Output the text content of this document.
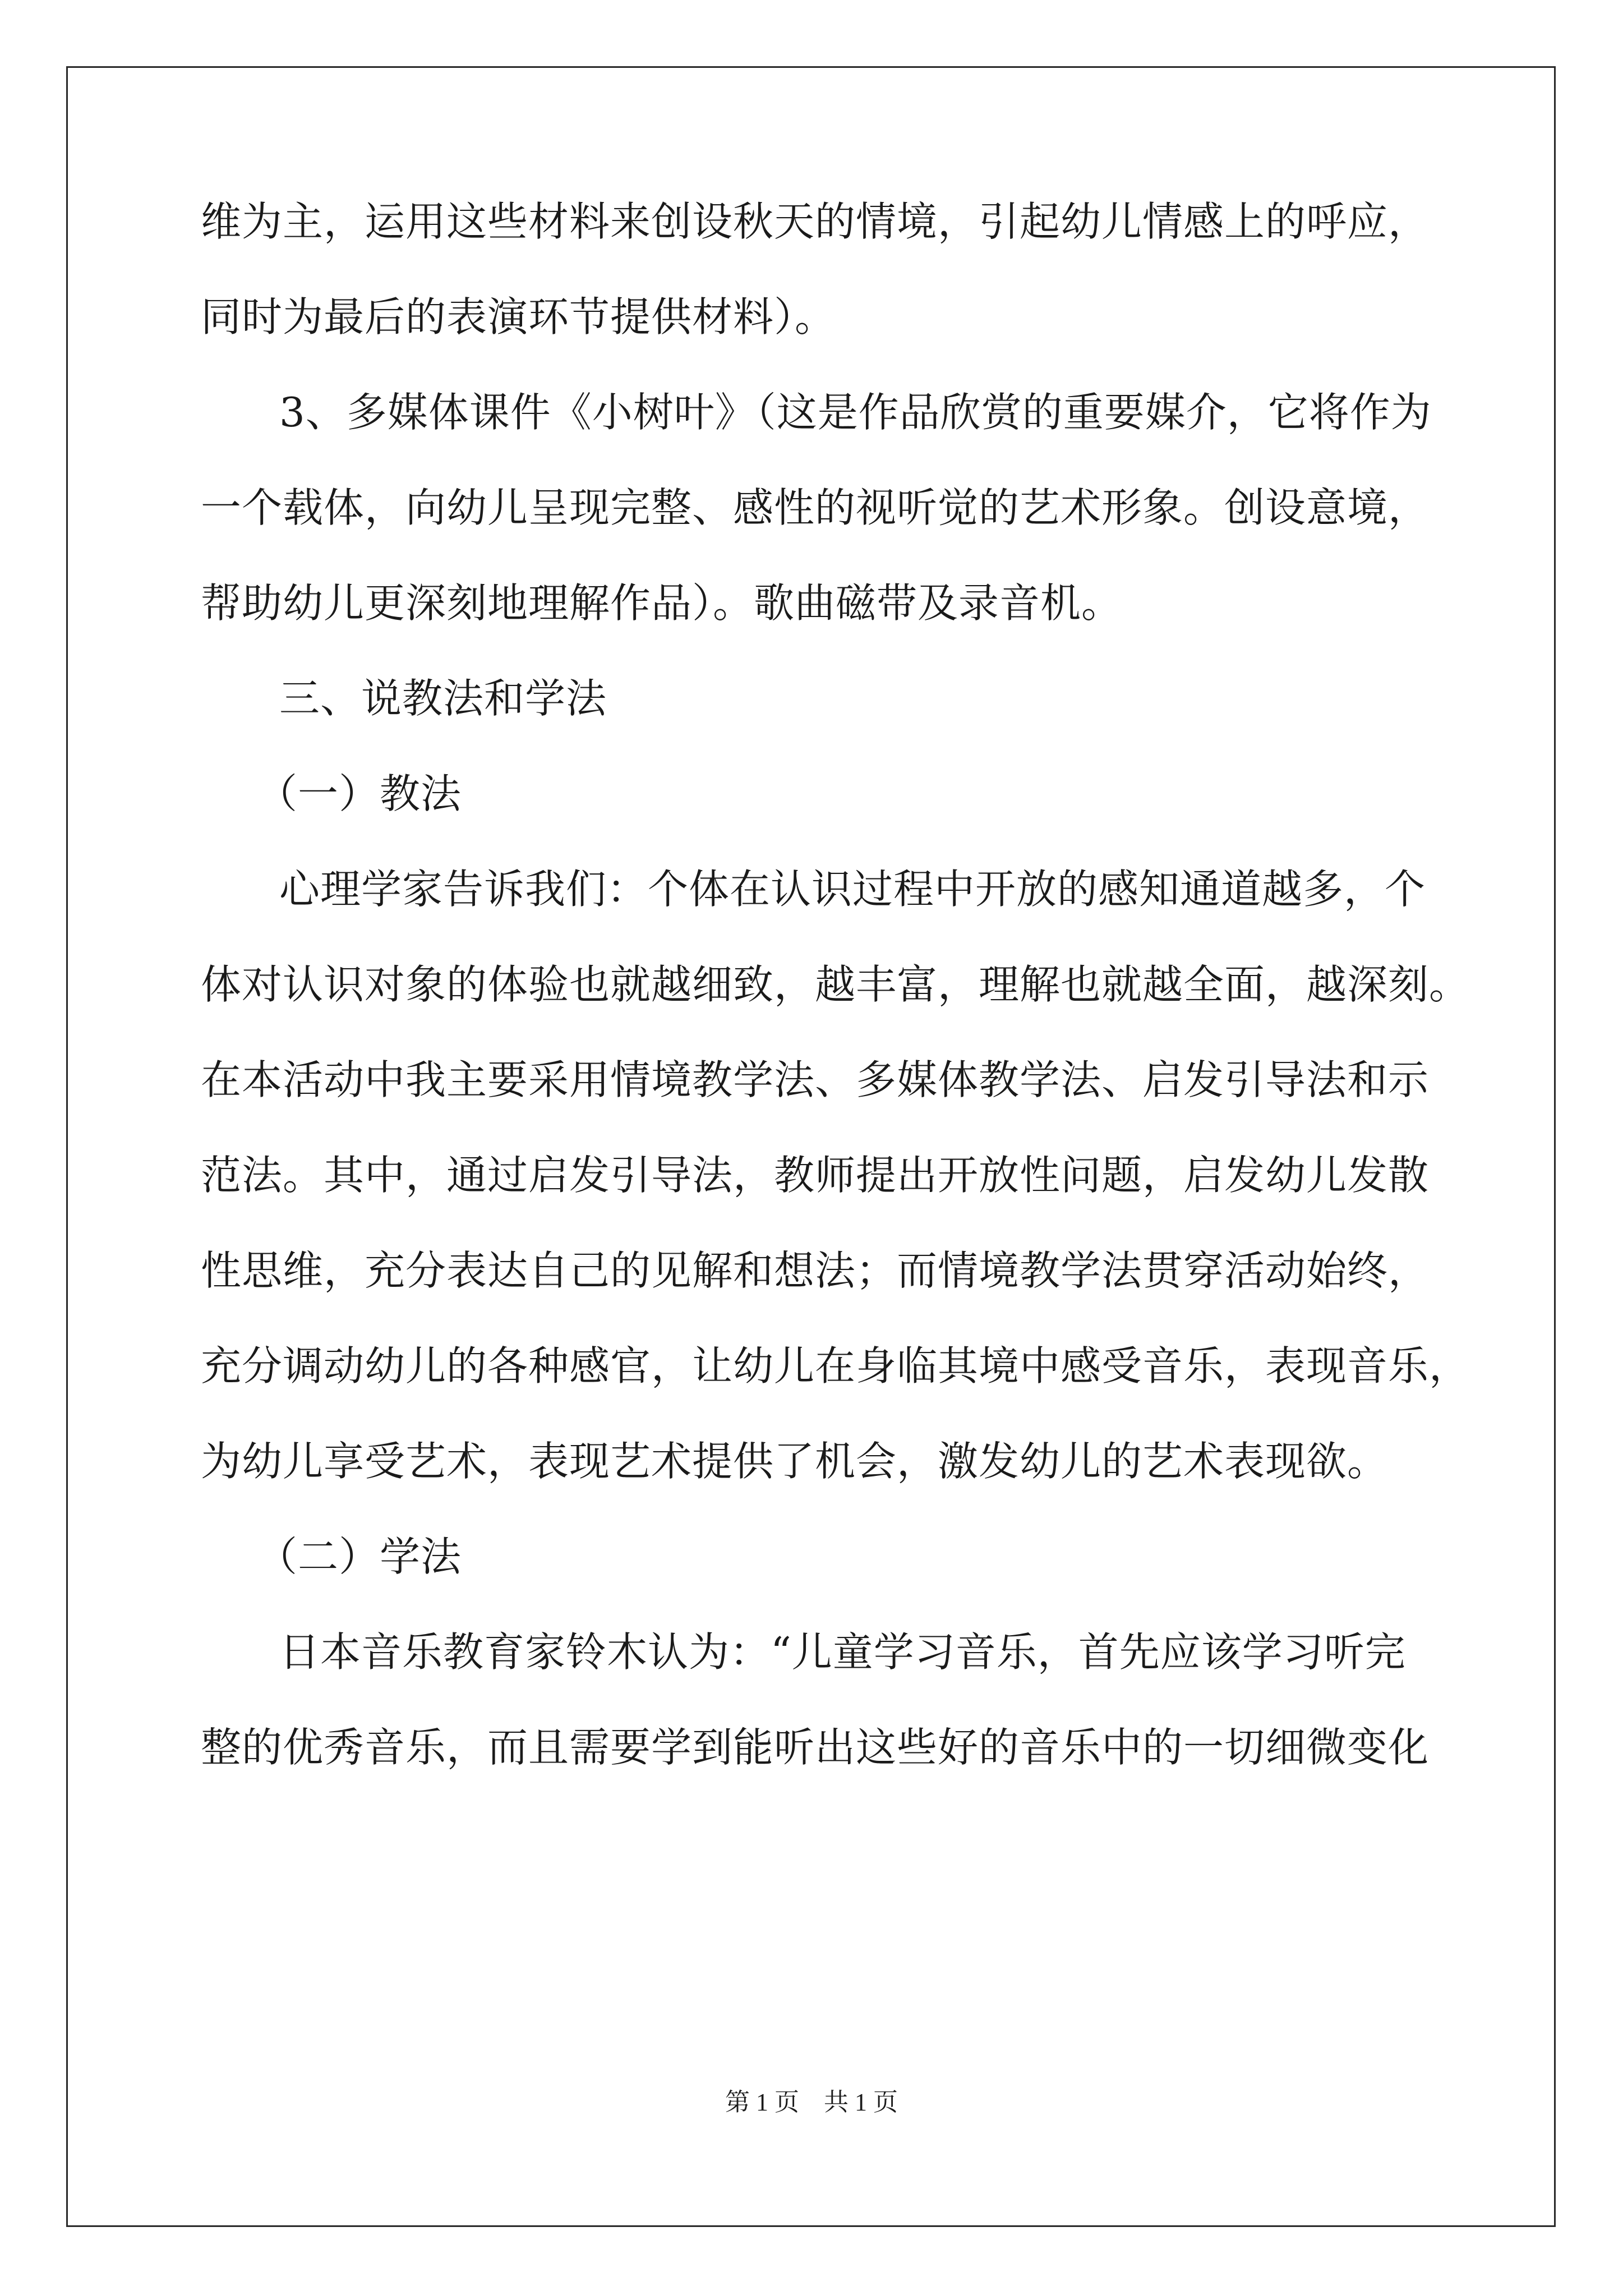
维为主，运用这些材料来创设秋天的情境，引起幼儿情感上的呼应，
同时为最后的表演环节提供材料）。
3、多媒体课件《小树叶》（这是作品欣赏的重要媒介，它将作为
一个载体，向幼儿呈现完整、感性的视听觉的艺术形象。创设意境，
帮助幼儿更深刻地理解作品）。歌曲磁带及录音机。
三、说教法和学法
（一）教法
心理学家告诉我们：个体在认识过程中开放的感知通道越多，个
体对认识对象的体验也就越细致，越丰富，理解也就越全面，越深刻。
在本活动中我主要采用情境教学法、多媒体教学法、启发引导法和示
范法。其中，通过启发引导法，教师提出开放性问题，启发幼儿发散
性思维，充分表达自己的见解和想法；而情境教学法贯穿活动始终，
充分调动幼儿的各种感官，让幼儿在身临其境中感受音乐，表现音乐，
为幼儿享受艺术，表现艺术提供了机会，激发幼儿的艺术表现欲。
（二）学法
日本音乐教育家铃木认为：“儿童学习音乐，首先应该学习听完
整的优秀音乐，而且需要学到能听出这些好的音乐中的一切细微变化
第 1 页　共 1 页
